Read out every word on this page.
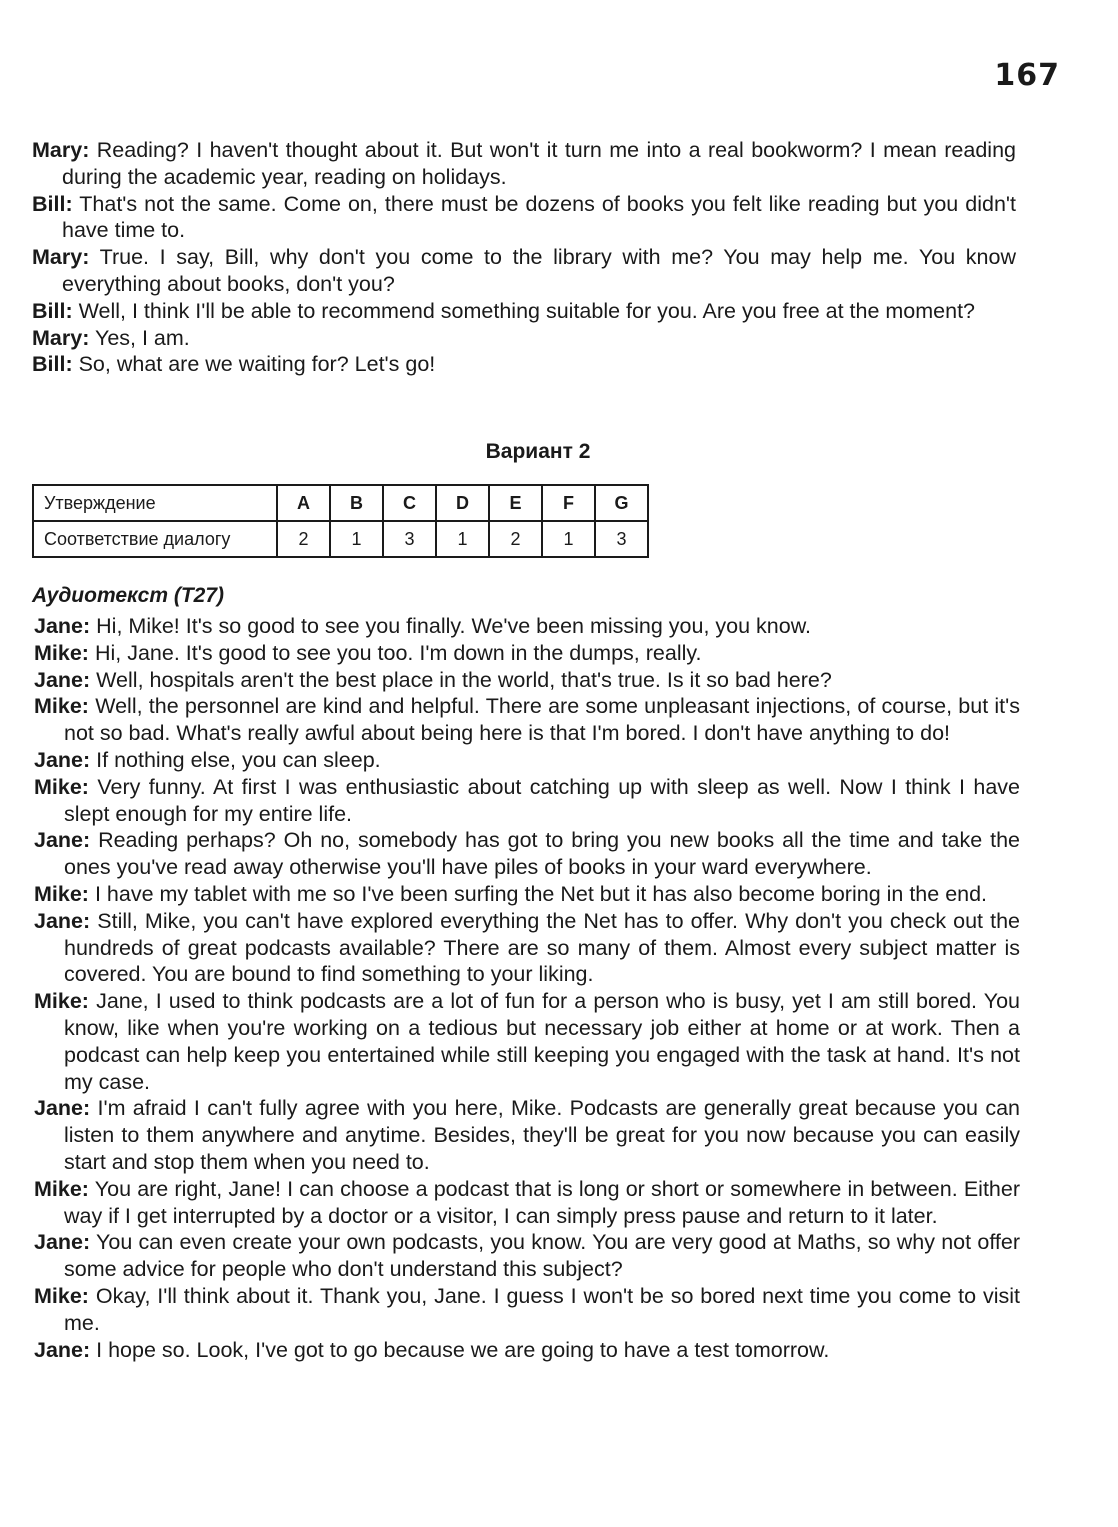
167

Mary: Reading? I haven't thought about it. But won't it turn me into a real bookworm? I mean reading during the academic year, reading on holidays.

Bill: That's not the same. Come on, there must be dozens of books you felt like reading but you didn't have time to.

Mary: True. I say, Bill, why don't you come to the library with me? You may help me. You know everything about books, don't you?

Bill: Well, I think I'll be able to recommend something suitable for you. Are you free at the moment?

Mary: Yes, I am.

Bill: So, what are we waiting for? Let's go!

Вариант 2
Утверждение	A	B	C	D	E	F	G
Соответствие диалогу	2	1	3	1	2	1	3
Аудиотекст (Т27)

Jane: Hi, Mike! It's so good to see you finally. We've been missing you, you know.

Mike: Hi, Jane. It's good to see you too. I'm down in the dumps, really.

Jane: Well, hospitals aren't the best place in the world, that's true. Is it so bad here?

Mike: Well, the personnel are kind and helpful. There are some unpleasant injections, of course, but it's not so bad. What's really awful about being here is that I'm bored. I don't have anything to do!

Jane: If nothing else, you can sleep.

Mike: Very funny. At first I was enthusiastic about catching up with sleep as well. Now I think I have slept enough for my entire life.

Jane: Reading perhaps? Oh no, somebody has got to bring you new books all the time and take the ones you've read away otherwise you'll have piles of books in your ward everywhere.

Mike: I have my tablet with me so I've been surfing the Net but it has also become boring in the end.

Jane: Still, Mike, you can't have explored everything the Net has to offer. Why don't you check out the hundreds of great podcasts available? There are so many of them. Almost every subject matter is covered. You are bound to find something to your liking.

Mike: Jane, I used to think podcasts are a lot of fun for a person who is busy, yet I am still bored. You know, like when you're working on a tedious but necessary job either at home or at work. Then a podcast can help keep you entertained while still keeping you engaged with the task at hand. It's not my case.

Jane: I'm afraid I can't fully agree with you here, Mike. Podcasts are generally great because you can listen to them anywhere and anytime. Besides, they'll be great for you now because you can easily start and stop them when you need to.

Mike: You are right, Jane! I can choose a podcast that is long or short or somewhere in between. Either way if I get interrupted by a doctor or a visitor, I can simply press pause and return to it later.

Jane: You can even create your own podcasts, you know. You are very good at Maths, so why not offer some advice for people who don't understand this subject?

Mike: Okay, I'll think about it. Thank you, Jane. I guess I won't be so bored next time you come to visit me.

Jane: I hope so. Look, I've got to go because we are going to have a test tomorrow.
